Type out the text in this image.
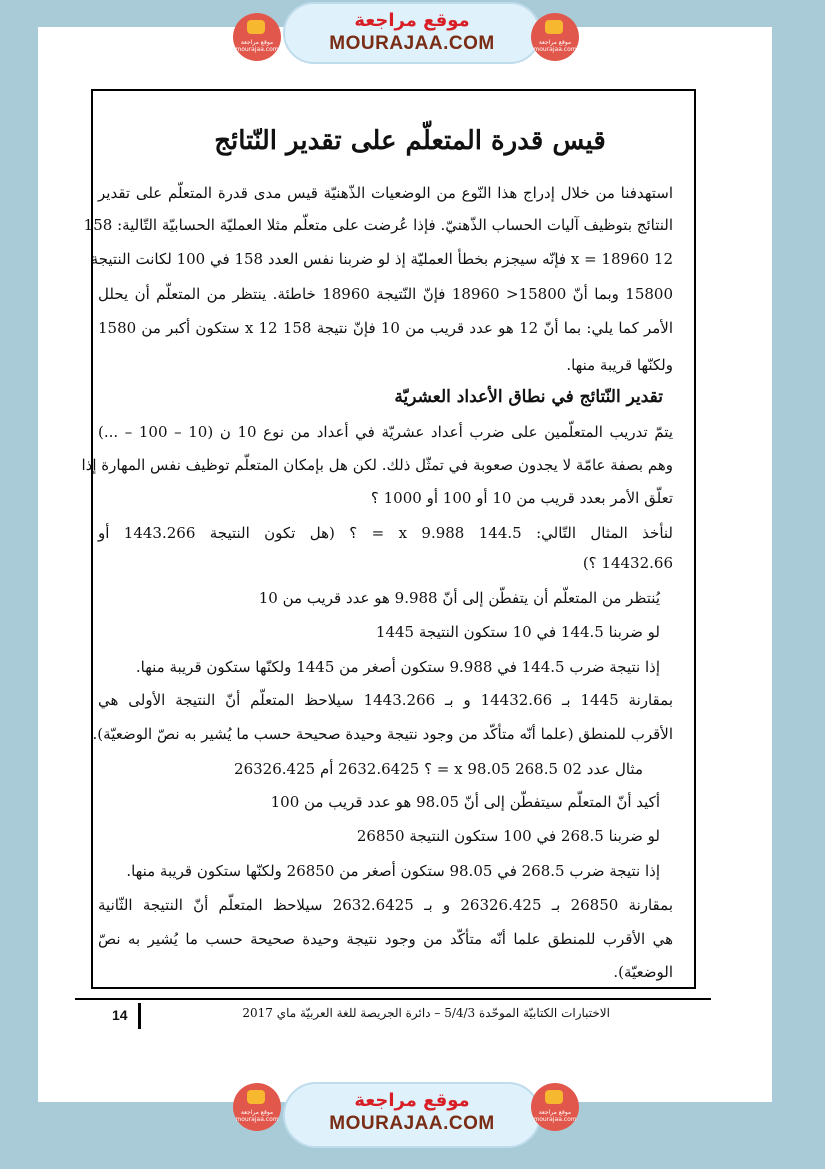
موقع مراجعة
mourajaa.com
موقع مراجعة
MOURAJAA.COM	موقع مراجعة
mourajaa.com
قيس قدرة المتعلّم على تقدير النّتائج
استهدفنا من خلال إدراج هذا النّوع من الوضعيات الذّهنيّة قيس مدى قدرة المتعلّم على تقدير
النتائج بتوظيف آليات الحساب الذّهنيّ. فإذا عُرضت على متعلّم مثلا العمليّة الحسابيّة التّالية: 158
12 x = 18960 فإنّه سيجزم بخطأ العمليّة إذ لو ضربنا نفس العدد 158 في 100 لكانت النتيجة
15800 وبما أنّ 15800< 18960 فإنّ النّتيجة 18960 خاطئة. ينتظر من المتعلّم أن يحلل
الأمر كما يلي: بما أنّ 12 هو عدد قريب من 10 فإنّ نتيجة 158 x 12 ستكون أكبر من 1580
ولكنّها قريبة منها.
تقدير النّتائج في نطاق الأعداد العشريّة
يتمّ تدريب المتعلّمين على ضرب أعداد عشريّة في أعداد من نوع 10 ن (10 – 100 – ...)
وهم بصفة عامّة لا يجدون صعوبة في تمثّل ذلك. لكن هل بإمكان المتعلّم توظيف نفس المهارة إذا
تعلّق الأمر بعدد قريب من 10 أو 100 أو 1000 ؟
لنأخذ المثال التّالي: 144.5 x 9.988 = ؟ (هل تكون النتيجة 1443.266 أو
14432.66 ؟)
يُنتظر من المتعلّم أن يتفطّن إلى أنّ 9.988 هو عدد قريب من 10
لو ضربنا 144.5 في 10 ستكون النتيجة 1445
إذا نتيجة ضرب 144.5 في 9.988 ستكون أصغر من 1445 ولكنّها ستكون قريبة منها.
بمقارنة 1445 بـ 14432.66 و بـ 1443.266 سيلاحظ المتعلّم أنّ النتيجة الأولى هي
الأقرب للمنطق (علما أنّه متأكّد من وجود نتيجة وحيدة صحيحة حسب ما يُشير به نصّ الوضعيّة).
مثال عدد 02 268.5 x 98.05 = ؟ 2632.6425 أم 26326.425
أكيد أنّ المتعلّم سيتفطّن إلى أنّ 98.05 هو عدد قريب من 100
لو ضربنا 268.5 في 100 ستكون النتيجة 26850
إذا نتيجة ضرب 268.5 في 98.05 ستكون أصغر من 26850 ولكنّها ستكون قريبة منها.
بمقارنة 26850 بـ 26326.425 و بـ 2632.6425 سيلاحظ المتعلّم أنّ النتيجة الثّانية
هي الأقرب للمنطق علما أنّه متأكّد من وجود نتيجة وحيدة صحيحة حسب ما يُشير به نصّ
الوضعيّة).
14	الاختبارات الكتابيّة الموحّدة 5/4/3 – دائرة الجريصة للغة العربيّة ماي 2017
موقع مراجعة
mourajaa.com
موقع مراجعة
MOURAJAA.COM
موقع مراجعة
mourajaa.com
